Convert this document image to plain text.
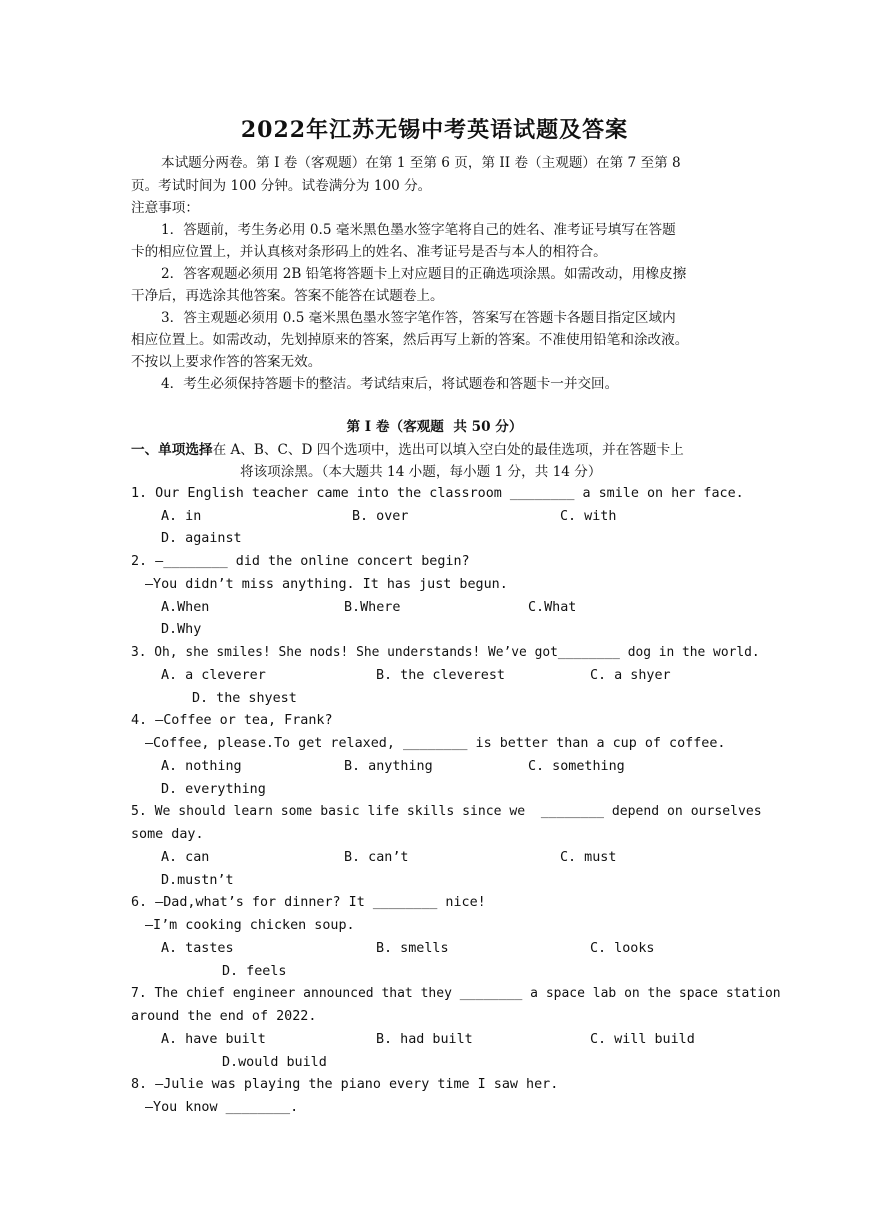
2022年江苏无锡中考英语试题及答案
本试题分两卷。第 I 卷（客观题）在第 1 至第 6 页，第 II 卷（主观题）在第 7 至第 8
页。考试时间为 100 分钟。试卷满分为 100 分。
注意事项：
1．答题前，考生务必用 0.5 毫米黑色墨水签字笔将自己的姓名、准考证号填写在答题
卡的相应位置上，并认真核对条形码上的姓名、准考证号是否与本人的相符合。
2．答客观题必须用 2B 铅笔将答题卡上对应题目的正确选项涂黑。如需改动，用橡皮擦
干净后，再选涂其他答案。答案不能答在试题卷上。
3．答主观题必须用 0.5 毫米黑色墨水签字笔作答，答案写在答题卡各题目指定区域内
相应位置上。如需改动，先划掉原来的答案，然后再写上新的答案。不准使用铅笔和涂改液。
不按以上要求作答的答案无效。
4．考生必须保持答题卡的整洁。考试结束后，将试题卷和答题卡一并交回。
第 I 卷（客观题  共 50 分）
一、单项选择在 A、B、C、D 四个选项中，选出可以填入空白处的最佳选项，并在答题卡上
将该项涂黑。（本大题共 14 小题，每小题 1 分，共 14 分）
1. Our English teacher came into the classroom ________ a smile on her face.
A. in	B. over	C. with
D. against
2. —________ did the online concert begin?
—You didn’t miss anything. It has just begun.
A.When	B.Where	C.What
D.Why
3. Oh, she smiles! She nods! She understands! We’ve got________ dog in the world.
A. a cleverer	B. the cleverest	C. a shyer
D. the shyest
4. —Coffee or tea, Frank?
—Coffee, please.To get relaxed, ________ is better than a cup of coffee.
A. nothing	B. anything	C. something
D. everything
5. We should learn some basic life skills since we  ________ depend on ourselves
some day.
A. can	B. can’t	C. must
D.mustn’t
6. —Dad,what’s for dinner? It ________ nice!
—I’m cooking chicken soup.
A. tastes	B. smells	C. looks
D. feels
7. The chief engineer announced that they ________ a space lab on the space station
around the end of 2022.
A. have built	B. had built	C. will build
D.would build
8. —Julie was playing the piano every time I saw her.
—You know ________.
